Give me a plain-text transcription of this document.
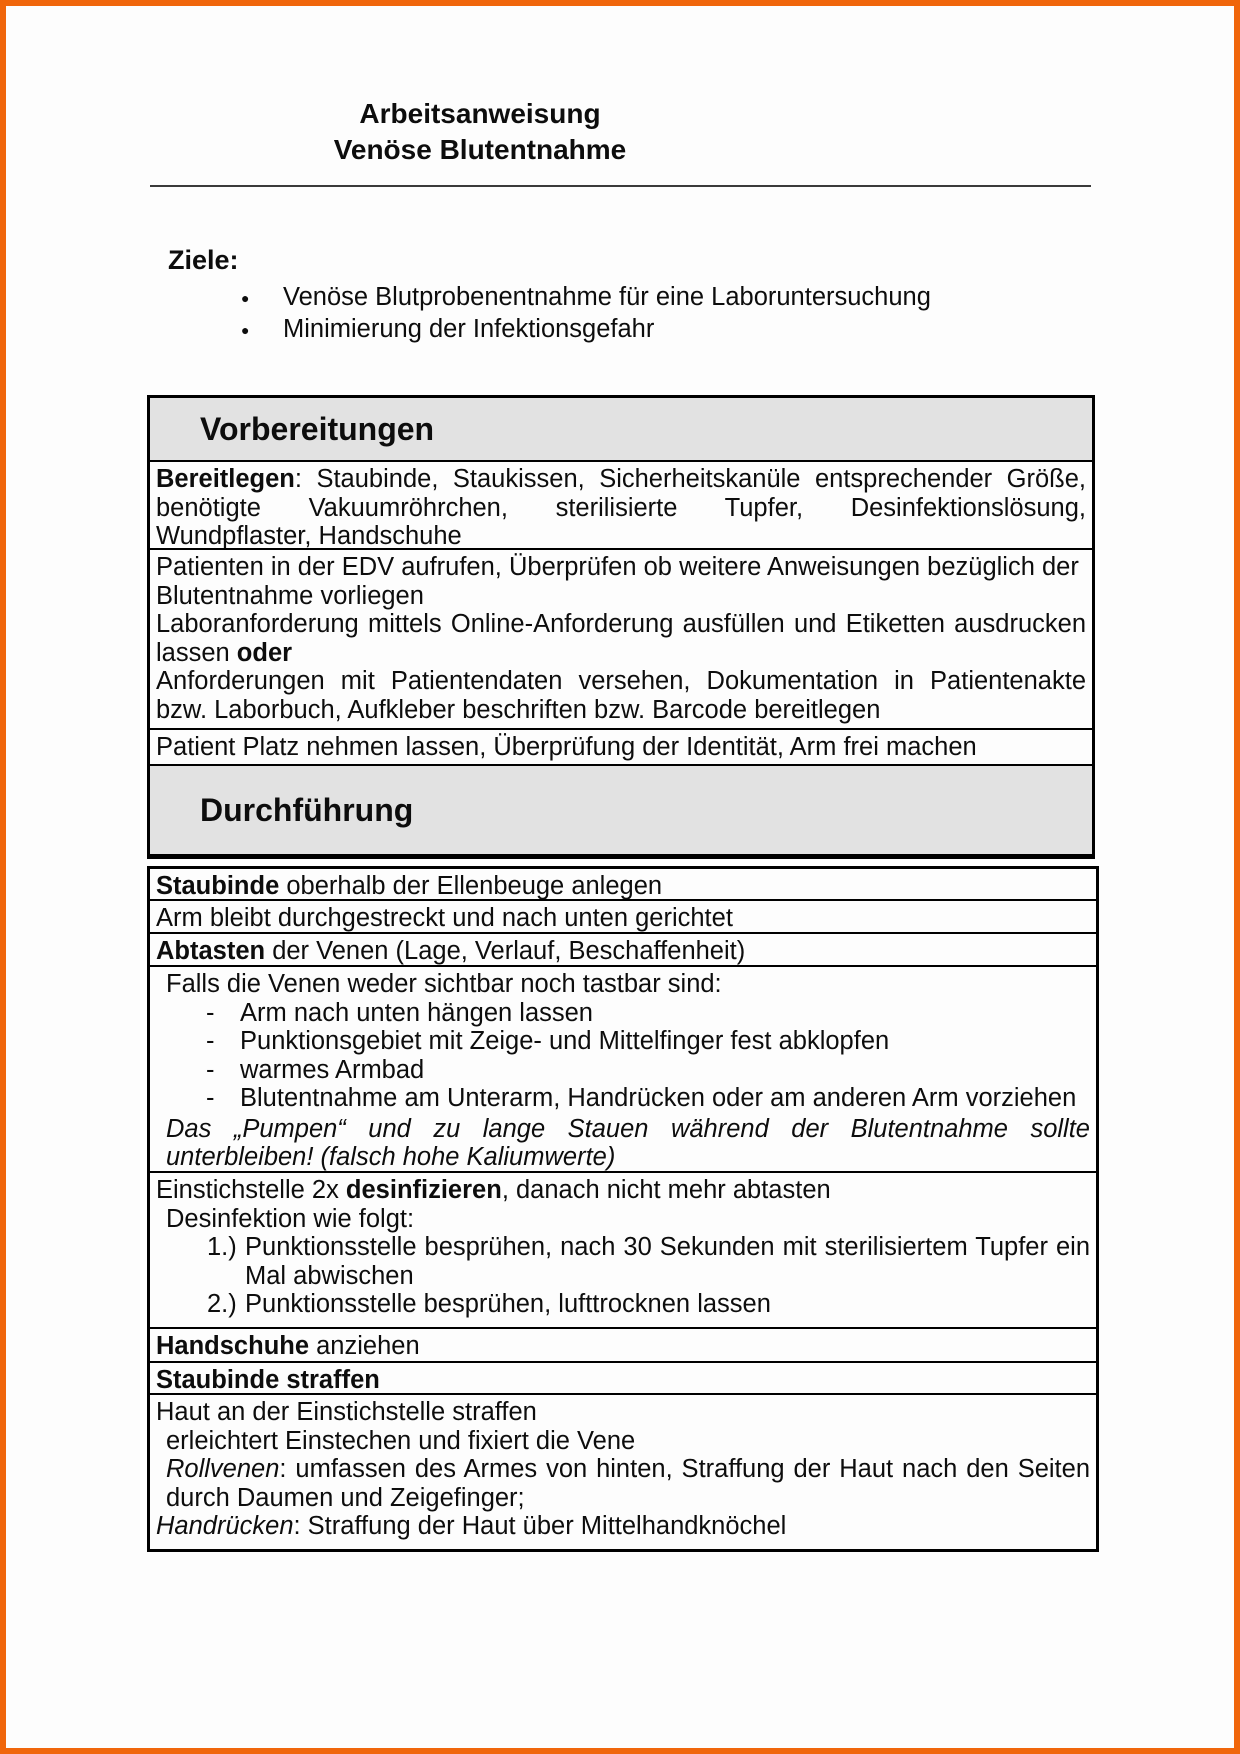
Arbeitsanweisung
Venöse Blutentnahme
Ziele:
● Venöse Blutprobenentnahme für eine Laboruntersuchung
● Minimierung der Infektionsgefahr
Vorbereitungen
Bereitlegen: Staubinde, Staukissen, Sicherheitskanüle entsprechender Größe, benötigte Vakuumröhrchen, sterilisierte Tupfer, Desinfektionslösung, Wundpflaster, Handschuhe

Patienten in der EDV aufrufen, Überprüfen ob weitere Anweisungen bezüglich der Blutentnahme vorliegen

Laboranforderung mittels Online-Anforderung ausfüllen und Etiketten ausdrucken lassen oder

Anforderungen mit Patientendaten versehen, Dokumentation in Patientenakte bzw. Laborbuch, Aufkleber beschriften bzw. Barcode bereitlegen

Patient Platz nehmen lassen, Überprüfung der Identität, Arm frei machen
Durchführung
Staubinde oberhalb der Ellenbeuge anlegen
Arm bleibt durchgestreckt und nach unten gerichtet
Abtasten der Venen (Lage, Verlauf, Beschaffenheit)

Falls die Venen weder sichtbar noch tastbar sind:

- Arm nach unten hängen lassen

- Punktionsgebiet mit Zeige- und Mittelfinger fest abklopfen

- warmes Armbad

- Blutentnahme am Unterarm, Handrücken oder am anderen Arm vorziehen

Das „Pumpen“ und zu lange Stauen während der Blutentnahme sollte unterbleiben! (falsch hohe Kaliumwerte)

Einstichstelle 2x desinfizieren, danach nicht mehr abtasten

Desinfektion wie folgt:

1.) Punktionsstelle besprühen, nach 30 Sekunden mit sterilisiertem Tupfer ein Mal abwischen

2.) Punktionsstelle besprühen, lufttrocknen lassen

Handschuhe anziehen
Staubinde straffen

Haut an der Einstichstelle straffen

erleichtert Einstechen und fixiert die Vene

Rollvenen: umfassen des Armes von hinten, Straffung der Haut nach den Seiten durch Daumen und Zeigefinger;

Handrücken: Straffung der Haut über Mittelhandknöchel
